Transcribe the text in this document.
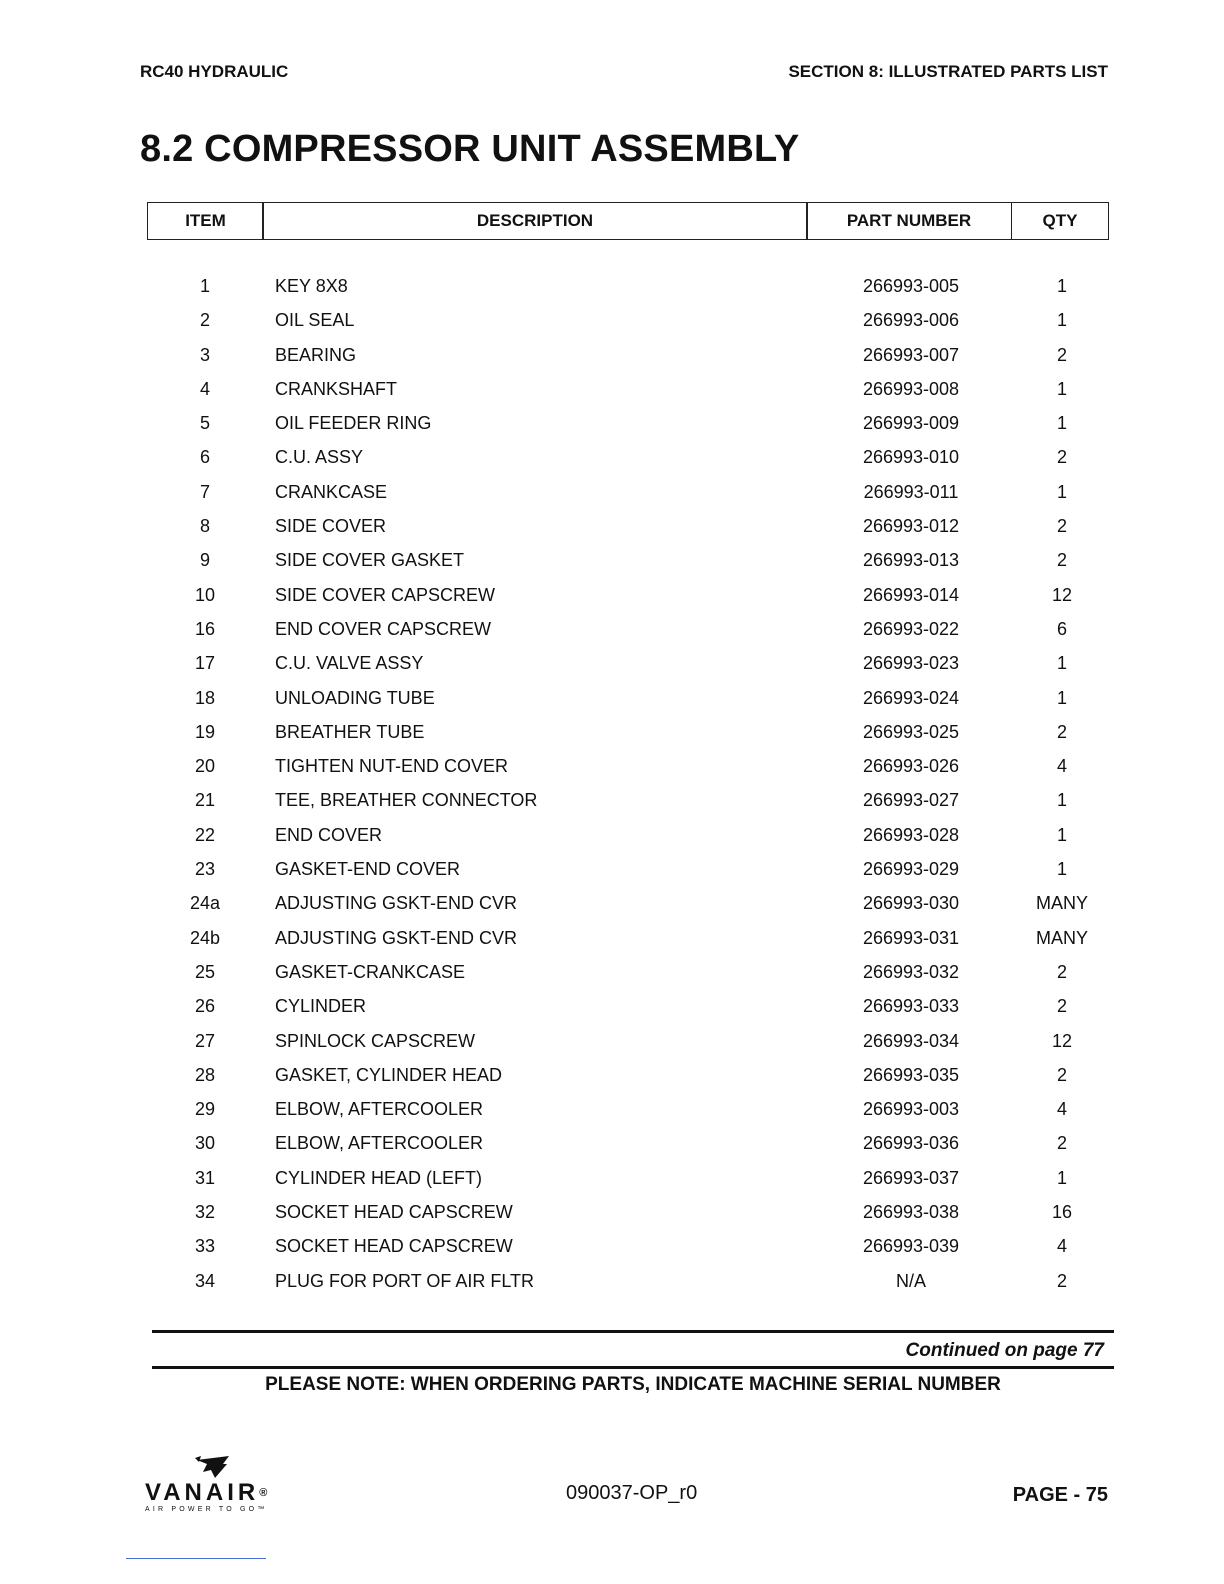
RC40 HYDRAULIC	SECTION 8: ILLUSTRATED PARTS LIST
8.2 COMPRESSOR UNIT ASSEMBLY
ITEM	DESCRIPTION	PART NUMBER	QTY
1	KEY 8X8	266993-005	1
2	OIL SEAL	266993-006	1
3	BEARING	266993-007	2
4	CRANKSHAFT	266993-008	1
5	OIL FEEDER RING	266993-009	1
6	C.U. ASSY	266993-010	2
7	CRANKCASE	266993-011	1
8	SIDE COVER	266993-012	2
9	SIDE COVER GASKET	266993-013	2
10	SIDE COVER CAPSCREW	266993-014	12
16	END COVER CAPSCREW	266993-022	6
17	C.U. VALVE ASSY	266993-023	1
18	UNLOADING TUBE	266993-024	1
19	BREATHER TUBE	266993-025	2
20	TIGHTEN NUT-END COVER	266993-026	4
21	TEE, BREATHER CONNECTOR	266993-027	1
22	END COVER	266993-028	1
23	GASKET-END COVER	266993-029	1
24a	ADJUSTING GSKT-END CVR	266993-030	MANY
24b	ADJUSTING GSKT-END CVR	266993-031	MANY
25	GASKET-CRANKCASE	266993-032	2
26	CYLINDER	266993-033	2
27	SPINLOCK CAPSCREW	266993-034	12
28	GASKET, CYLINDER HEAD	266993-035	2
29	ELBOW, AFTERCOOLER	266993-003	4
30	ELBOW, AFTERCOOLER	266993-036	2
31	CYLINDER HEAD (LEFT)	266993-037	1
32	SOCKET HEAD CAPSCREW	266993-038	16
33	SOCKET HEAD CAPSCREW	266993-039	4
34	PLUG FOR PORT OF AIR FLTR	N/A	2
Continued on page 77
PLEASE NOTE: WHEN ORDERING PARTS, INDICATE MACHINE SERIAL NUMBER
VANAIR®
AIR POWER TO GO™
090037-OP_r0	PAGE - 75
